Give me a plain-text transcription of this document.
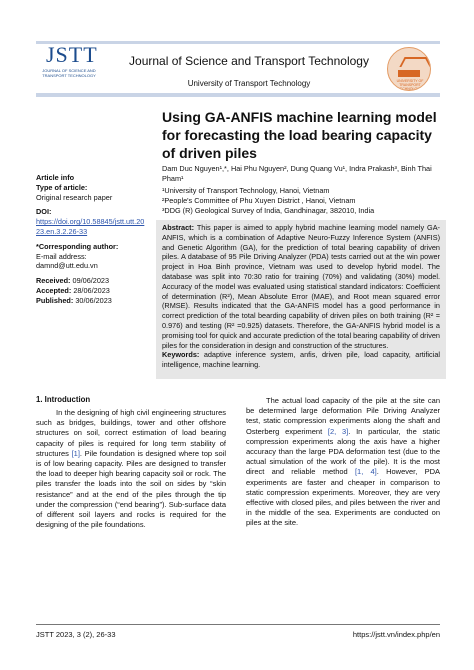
JSTT
JOURNAL OF SCIENCE AND TRANSPORT TECHNOLOGY
Journal of Science and Transport Technology
University of Transport Technology	UNIVERSITY OF TRANSPORT TECHNOLOGY
Using GA-ANFIS machine learning model for forecasting the load bearing capacity of driven piles
Dam Duc Nguyen¹,*, Hai Phu Nguyen², Dung Quang Vu¹, Indra Prakash³, Binh Thai Pham¹
¹University of Transport Technology, Hanoi, Vietnam
²People's Committee of Phu Xuyen District , Hanoi, Vietnam
³DDG (R) Geological Survey of India, Gandhinagar, 382010, India
Article info
Type of article:
Original research paper
DOI:
https://doi.org/10.58845/jstt.utt.2023.en.3.2.26-33
*Corresponding author:
E-mail address:
damnd@utt.edu.vn
Received: 09/06/2023
Accepted: 28/06/2023
Published: 30/06/2023
Abstract: This paper is aimed to apply hybrid machine learning model namely GA-ANFIS, which is a combination of Adaptive Neuro-Fuzzy Inference System (ANFIS) and Genetic Algorithm (GA), for the prediction of total bearing capability of driven piles. A database of 95 Pile Driving Analyzer (PDA) tests carried out at the win power project in Hoa Binh province, Vietnam was used to develop hybrid model. The database was split into 70:30 ratio for training (70%) and validating (30%) model. Accuracy of the model was evaluated using statistical standard indicators: Coefficient of determination (R²), Mean Absolute Error (MAE), and Root mean squared error (RMSE). Results indicated that the GA-ANFIS model has a good performance in correct prediction of the total bearding capability of driven piles on both training (R² = 0.976) and testing (R² =0.925) datasets. Therefore, the GA-ANFIS hybrid model is a promising tool for quick and accurate prediction of the total bearing capability of driven piles for the consideration in design and construction of the structures.
Keywords: adaptive inference system, anfis, driven pile, load capacity, artificial intelligence, machine learning.
1. Introduction

In the designing of high civil engineering structures such as bridges, buildings, tower and other offshore structures on soil, correct estimation of load bearing capacity of piles is required for long term stability of structures [1]. Pile foundation is designed where top soil is of low bearing capacity. Piles are designed to transfer the load to deeper high bearing capacity soil or rock. The piles transfer the loads into the soil on sides by “skin resistance” and at the end of the piles through the tip under the compression (“end bearing”). Sub-surface data of different soil layers and rocks is required for the designing of the pile foundations.

The actual load capacity of the pile at the site can be determined large deformation Pile Driving Analyzer test, static compression experiments along the shaft and Osterberg experiment [2, 3]. In particular, the static compression experiments along the axis have a higher accuracy than the large PDA deformation test (due to the actual simulation of the work of the pile). It is the most direct and reliable method [1, 4]. However, PDA experiments are faster and cheaper in comparison to static compression experiments. Moreover, they are very effective with closed piles, and piles between the river and in the middle of the sea. Experiments are conducted on piles at the site.

JSTT 2023, 3 (2), 26-33	https://jstt.vn/index.php/en
